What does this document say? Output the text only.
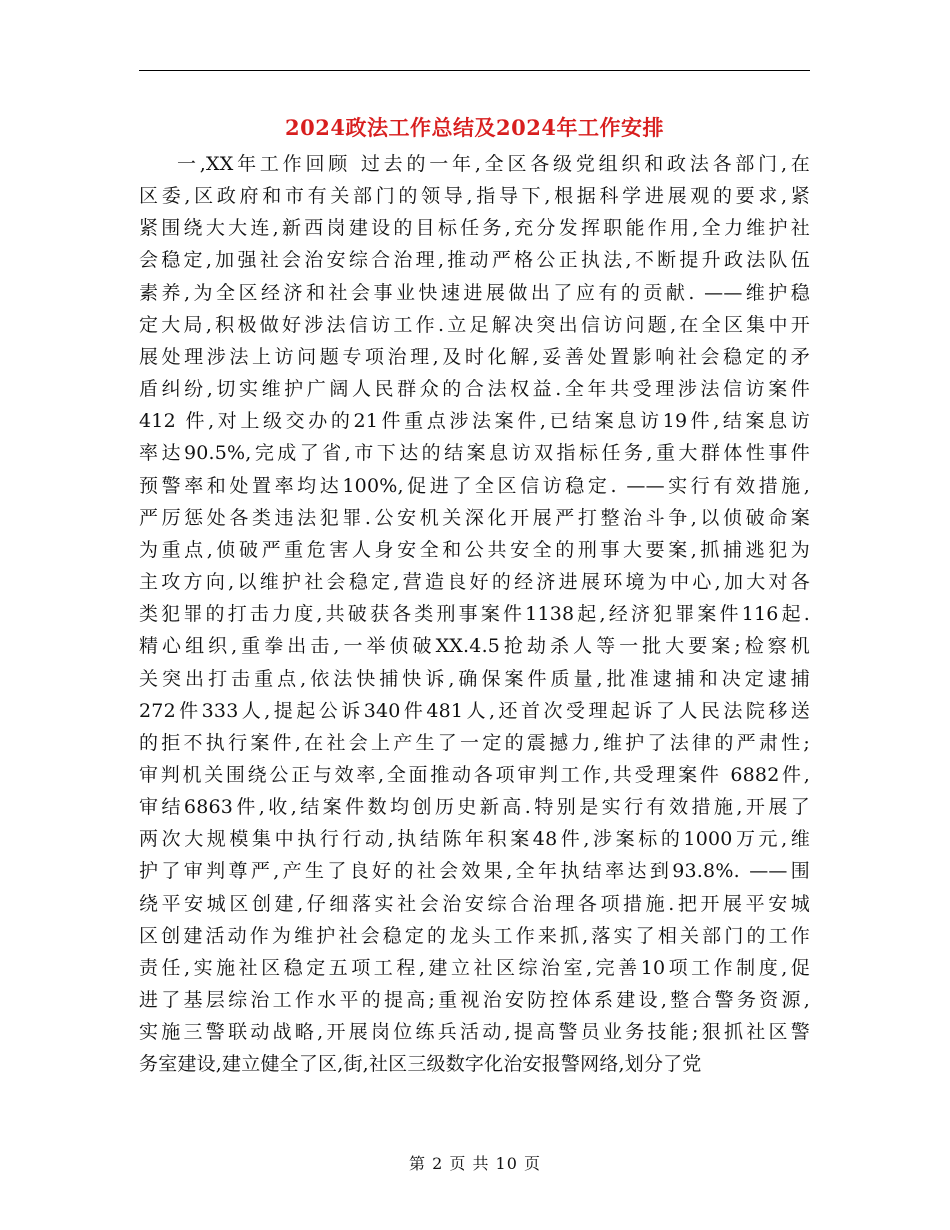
2024政法工作总结及2024年工作安排
一,XX年工作回顾 过去的一年,全区各级党组织和政法各部门,在
区委,区政府和市有关部门的领导,指导下,根据科学进展观的要求,紧
紧围绕大大连,新西岗建设的目标任务,充分发挥职能作用,全力维护社
会稳定,加强社会治安综合治理,推动严格公正执法,不断提升政法队伍
素养,为全区经济和社会事业快速进展做出了应有的贡献. ——维护稳
定大局,积极做好涉法信访工作.立足解决突出信访问题,在全区集中开
展处理涉法上访问题专项治理,及时化解,妥善处置影响社会稳定的矛
盾纠纷,切实维护广阔人民群众的合法权益.全年共受理涉法信访案件
412 件,对上级交办的21件重点涉法案件,已结案息访19件,结案息访
率达90.5%,完成了省,市下达的结案息访双指标任务,重大群体性事件
预警率和处置率均达100%,促进了全区信访稳定. ——实行有效措施,
严厉惩处各类违法犯罪.公安机关深化开展严打整治斗争,以侦破命案
为重点,侦破严重危害人身安全和公共安全的刑事大要案,抓捕逃犯为
主攻方向,以维护社会稳定,营造良好的经济进展环境为中心,加大对各
类犯罪的打击力度,共破获各类刑事案件1138起,经济犯罪案件116起.
精心组织,重拳出击,一举侦破XX.4.5抢劫杀人等一批大要案;检察机
关突出打击重点,依法快捕快诉,确保案件质量,批准逮捕和决定逮捕
272件333人,提起公诉340件481人,还首次受理起诉了人民法院移送
的拒不执行案件,在社会上产生了一定的震撼力,维护了法律的严肃性;
审判机关围绕公正与效率,全面推动各项审判工作,共受理案件 6882件,
审结6863件,收,结案件数均创历史新高.特别是实行有效措施,开展了
两次大规模集中执行行动,执结陈年积案48件,涉案标的1000万元,维
护了审判尊严,产生了良好的社会效果,全年执结率达到93.8%. ——围
绕平安城区创建,仔细落实社会治安综合治理各项措施.把开展平安城
区创建活动作为维护社会稳定的龙头工作来抓,落实了相关部门的工作
责任,实施社区稳定五项工程,建立社区综治室,完善10项工作制度,促
进了基层综治工作水平的提高;重视治安防控体系建设,整合警务资源,
实施三警联动战略,开展岗位练兵活动,提高警员业务技能;狠抓社区警
务室建设,建立健全了区,街,社区三级数字化治安报警网络,划分了党
第 2 页 共 10 页
